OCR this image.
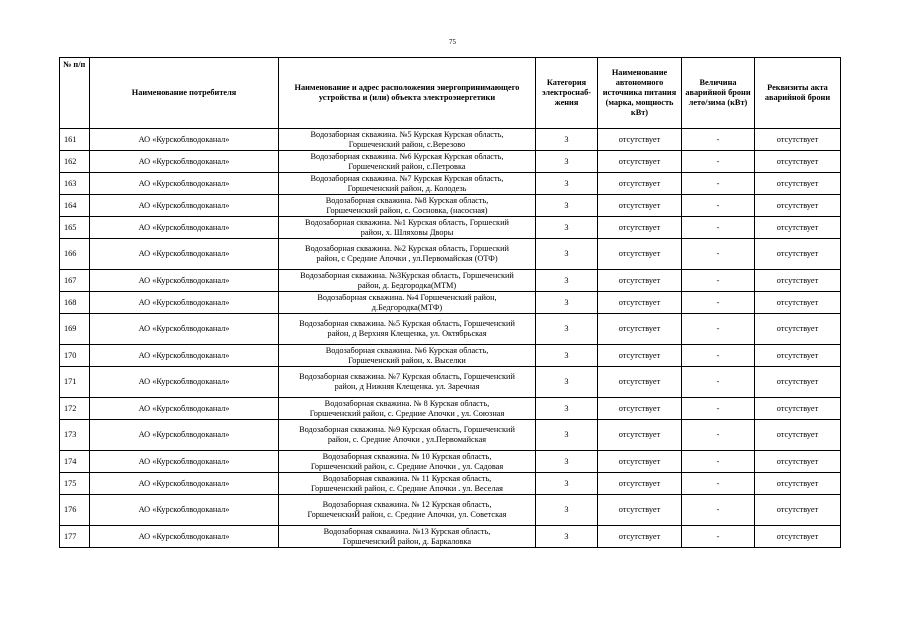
75
№ п/п	Наименование потребителя	Наименование и адрес расположения энергопринимающего устройства и (или) объекта электроэнергетики	Категория электроснаб-жения	Наименование автономного источника питания (марка, мощность кВт)	Величина аварийной брони лето/зима (кВт)	Реквизиты акта аварийной брони
161	АО «Курскоблводоканал»	Водозаборная скважина. №5 Курская Курская область,
Горшеченский район, с.Верезово	3	отсутствует	-	отсутствует
162	АО «Курскоблводоканал»	Водозаборная скважина. №6 Курская Курская область,
Горшеченский район, с.Петровка	3	отсутствует	-	отсутствует
163	АО «Курскоблводоканал»	Водозаборная скважина. №7 Курская Курская область,
Горшеченский район, д. Колодезь	3	отсутствует	-	отсутствует
164	АО «Курскоблводоканал»	Водозаборная скважина. №8 Курская область,
Горшеченский район, с. Сосновка, (насосная)	3	отсутствует	-	отсутствует
165	АО «Курскоблводоканал»	Водозаборная скважина. №1 Курская область, Горшеский
район, х. Шляховы Дворы	3	отсутствует	-	отсутствует
166	АО «Курскоблводоканал»	Водозаборная скважина. №2 Курская область, Горшеский
район, с Средние Апочки , ул.Первомайская (ОТФ)	3	отсутствует	-	отсутствует
167	АО «Курскоблводоканал»	Водозаборная скважина. №3Курская область, Горшеченский
район, д. Бедгородка(МТМ)	3	отсутствует	-	отсутствует
168	АО «Курскоблводоканал»	Водозаборная скважина. №4 Горшеченский район,
д.Бедгородка(МТФ)	3	отсутствует	-	отсутствует
169	АО «Курскоблводоканал»	Водозаборная скважина. №5 Курская область, Горшеченский
район, д Верхняя Клещенка, ул. Октябрьская	3	отсутствует	-	отсутствует
170	АО «Курскоблводоканал»	Водозаборная скважина. №6 Курская область,
Горшеченский район, х. Выселки	3	отсутствует	-	отсутствует
171	АО «Курскоблводоканал»	Водозаборная скважина. №7 Курская область, Горшеченский
район, д Нижняя Клещенка. ул. Заречная	3	отсутствует	-	отсутствует
172	АО «Курскоблводоканал»	Водозаборная скважина. № 8 Курская область,
Горшеченский район, с. Средние Апочки , ул. Союзная	3	отсутствует	-	отсутствует
173	АО «Курскоблводоканал»	Водозаборная скважина. №9 Курская область, Горшеченский
район, с. Средние Апочки , ул.Первомайская	3	отсутствует	-	отсутствует
174	АО «Курскоблводоканал»	Водозаборная скважина. № 10 Курская область,
Горшеченский район, с. Средние Апочки , ул. Садовая	3	отсутствует	-	отсутствует
175	АО «Курскоблводоканал»	Водозаборная скважина. № 11 Курская область,
Горшеченский район, с. Средние Апочки . ул. Веселая	3	отсутствует	-	отсутствует
176	АО «Курскоблводоканал»	Водозаборная скважина. № 12 Курская область,
ГоршеченскиЙ район, с. Средние Апочки, ул. Советская	3	отсутствует	-	отсутствует
177	АО «Курскоблводоканал»	Водозаборная скважина. №13 Курская область,
ГоршеченскиЙ район, д. Баркаловка	3	отсутствует	-	отсутствует
